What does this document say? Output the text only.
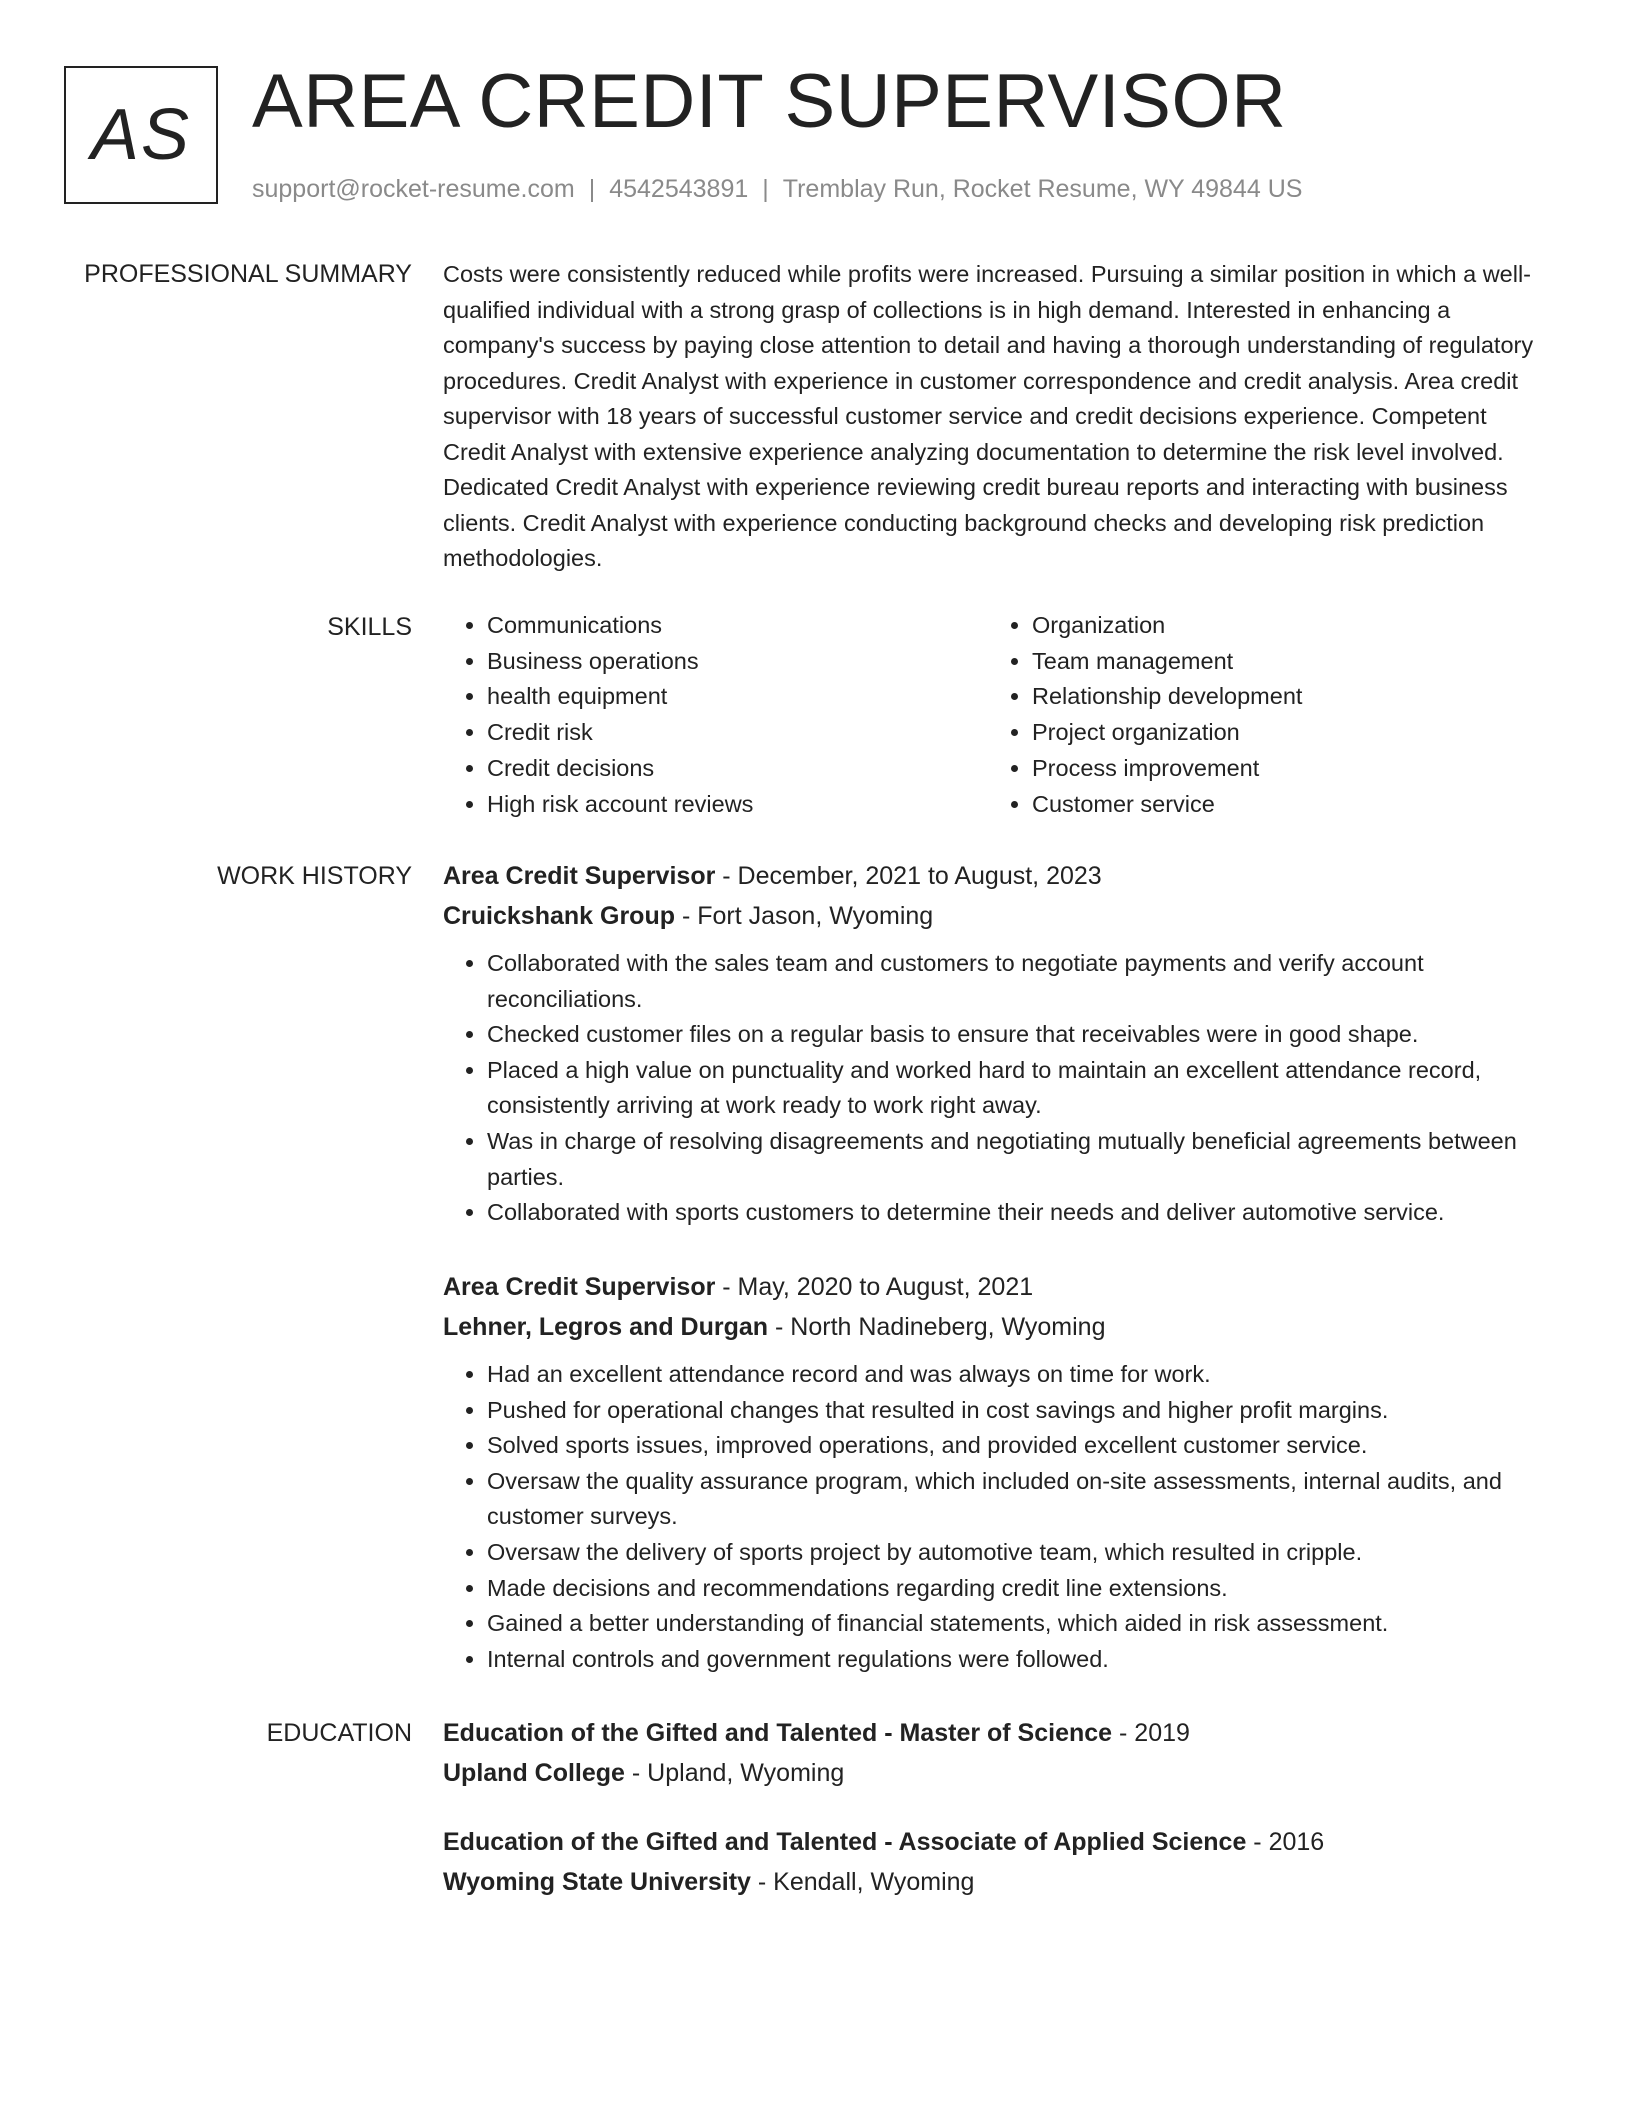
AS AREA CREDIT SUPERVISOR
support@rocket-resume.com | 4542543891 | Tremblay Run, Rocket Resume, WY 49844 US
PROFESSIONAL SUMMARY Costs were consistently reduced while profits were increased. Pursuing a similar position in which a well-qualified individual with a strong grasp of collections is in high demand. Interested in enhancing a company's success by paying close attention to detail and having a thorough understanding of regulatory procedures. Credit Analyst with experience in customer correspondence and credit analysis. Area credit supervisor with 18 years of successful customer service and credit decisions experience. Competent Credit Analyst with extensive experience analyzing documentation to determine the risk level involved. Dedicated Credit Analyst with experience reviewing credit bureau reports and interacting with business clients. Credit Analyst with experience conducting background checks and developing risk prediction methodologies.
SKILLS
•	Communications
• Business operations
• health equipment
• Credit risk
• Credit decisions
• High risk account reviews
• Organization
• Team management
• Relationship development
• Project organization
• Process improvement
• Customer service
WORK HISTORY Area Credit Supervisor - December, 2021 to August, 2023
Cruickshank Group - Fort Jason, Wyoming
• Collaborated with the sales team and customers to negotiate payments and verify account reconciliations.
• Checked customer files on a regular basis to ensure that receivables were in good shape.
• Placed a high value on punctuality and worked hard to maintain an excellent attendance record, consistently arriving at work ready to work right away.
• Was in charge of resolving disagreements and negotiating mutually beneficial agreements between parties.
• Collaborated with sports customers to determine their needs and deliver automotive service.
Area Credit Supervisor - May, 2020 to August, 2021
Lehner, Legros and Durgan - North Nadineberg, Wyoming
• Had an excellent attendance record and was always on time for work.
• Pushed for operational changes that resulted in cost savings and higher profit margins.
• Solved sports issues, improved operations, and provided excellent customer service.
• Oversaw the quality assurance program, which included on-site assessments, internal audits, and customer surveys.
• Oversaw the delivery of sports project by automotive team, which resulted in cripple.
• Made decisions and recommendations regarding credit line extensions.
• Gained a better understanding of financial statements, which aided in risk assessment.
• Internal controls and government regulations were followed.
EDUCATION Education of the Gifted and Talented - Master of Science - 2019
Upland College - Upland, Wyoming
Education of the Gifted and Talented - Associate of Applied Science - 2016
Wyoming State University - Kendall, Wyoming
